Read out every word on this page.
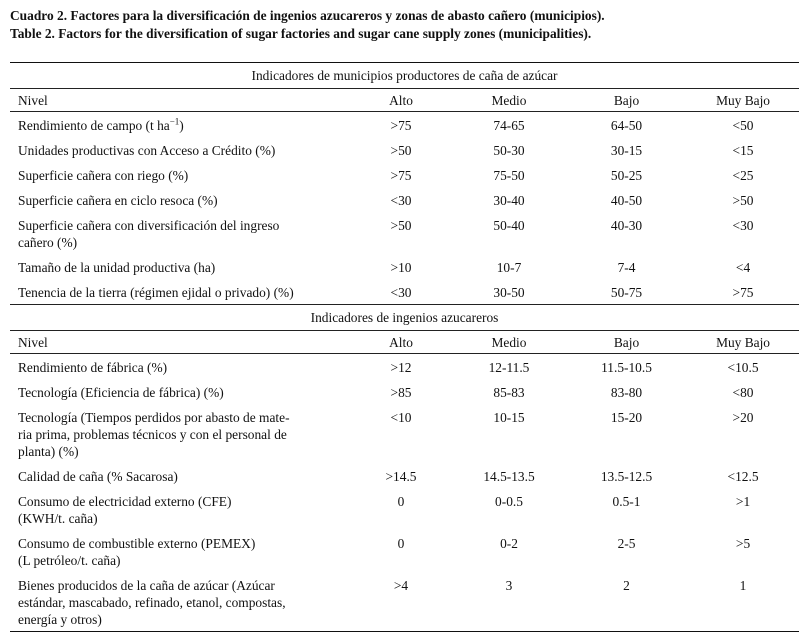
Cuadro 2. Factores para la diversificación de ingenios azucareros y zonas de abasto cañero (municipios).
Table 2. Factors for the diversification of sugar factories and sugar cane supply zones (municipalities).
Indicadores de municipios productores de caña de azúcar				
Nivel	Alto	Medio	Bajo	Muy Bajo
Rendimiento de campo (t $ha^{-1}$)	>75	74-65	64-50	<50
Unidades productivas con Acceso a Crédito (%)	>50	50-30	30-15	<15
Superficie cañera con riego (%)	>75	75-50	50-25	<25
Superficie cañera en ciclo resoca (%)	<30	30-40	40-50	>50

Superficie cañera con diversificación del ingreso
cañero (%)	>50	50-40	40-30	<30
Tamaño de la unidad productiva (ha)	>10	10-7	7-4	<4
Tenencia de la tierra (régimen ejidal o privado) (%)	<30	30-50	50-75	>75
Indicadores de ingenios azucareros				
Nivel	Alto	Medio	Bajo	Muy Bajo
Rendimiento de fábrica (%)	>12	12-11.5	11.5-10.5	<10.5
Tecnología (Eficiencia de fábrica) (%)	>85	85-83	83-80	<80

Tecnología (Tiempos perdidos por abasto de mate-
ria prima, problemas técnicos y con el personal de
planta) (%)	<10	10-15	15-20	>20
Calidad de caña (% Sacarosa)	>14.5	14.5-13.5	13.5-12.5	<12.5

Consumo de electricidad externo (CFE)
(KWH/t. caña)	0	0-0.5	0.5-1	>1

Consumo de combustible externo (PEMEX)
(L petróleo/t. caña)	0	0-2	2-5	>5

Bienes producidos de la caña de azúcar (Azúcar
estándar, mascabado, refinado, etanol, compostas,
energía y otros)	>4	3	2	1
